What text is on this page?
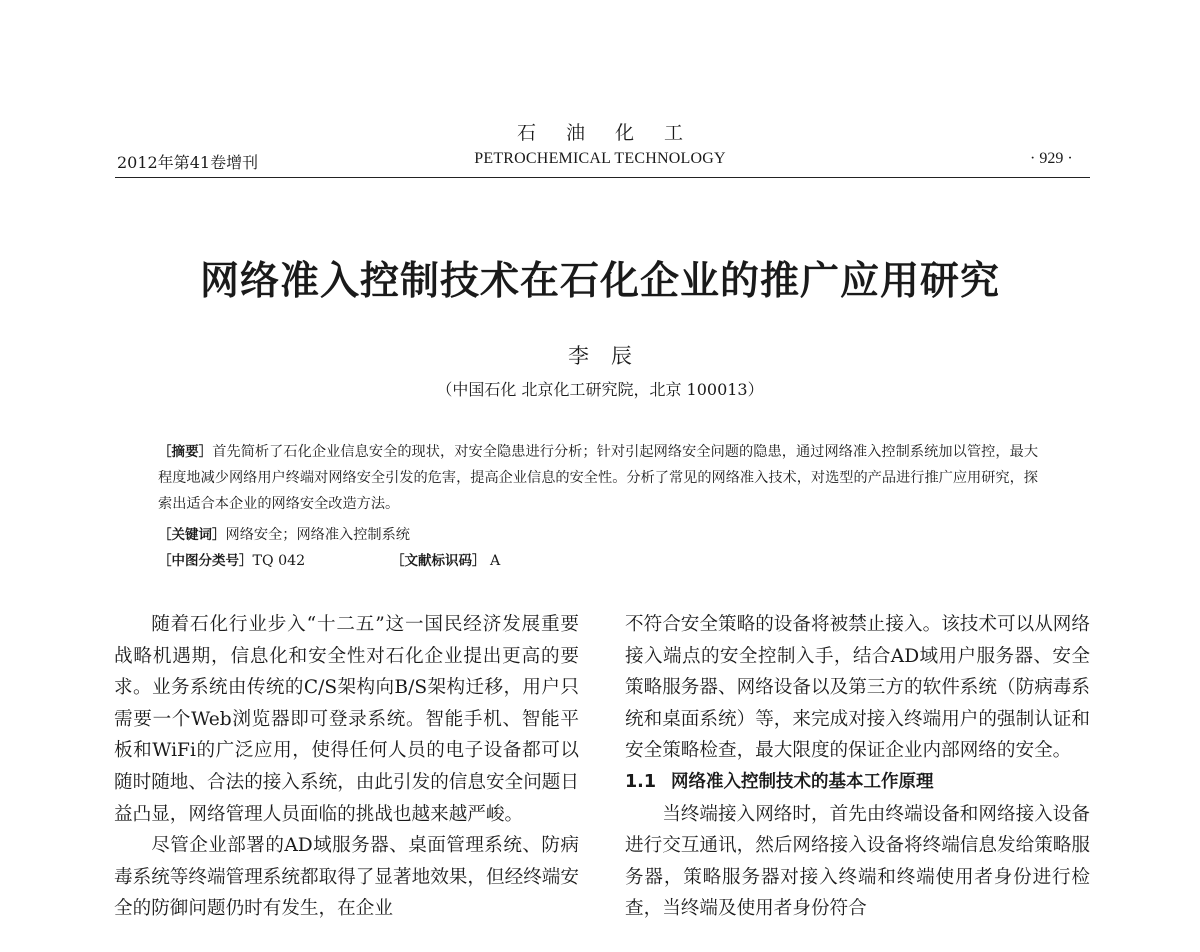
石油化工
2012年第41卷增刊	PETROCHEMICAL TECHNOLOGY	· 929 ·
网络准入控制技术在石化企业的推广应用研究
李辰
（中国石化 北京化工研究院，北京 100013）
［摘要］首先简析了石化企业信息安全的现状，对安全隐患进行分析；针对引起网络安全问题的隐患，通过网络准入控制系统加以管控，最大程度地减少网络用户终端对网络安全引发的危害，提高企业信息的安全性。分析了常见的网络准入技术，对选型的产品进行推广应用研究，探索出适合本企业的网络安全改造方法。
［关键词］网络安全；网络准入控制系统
［中图分类号］TQ 042	［文献标识码］ A

随着石化行业步入“十二五”这一国民经济发展重要战略机遇期，信息化和安全性对石化企业提出更高的要求。业务系统由传统的C/S架构向B/S架构迁移，用户只需要一个Web浏览器即可登录系统。智能手机、智能平板和WiFi的广泛应用，使得任何人员的电子设备都可以随时随地、合法的接入系统，由此引发的信息安全问题日益凸显，网络管理人员面临的挑战也越来越严峻。

尽管企业部署的AD域服务器、桌面管理系统、防病毒系统等终端管理系统都取得了显著地效果，但经终端安全的防御问题仍时有发生，在企业

不符合安全策略的设备将被禁止接入。该技术可以从网络接入端点的安全控制入手，结合AD域用户服务器、安全策略服务器、网络设备以及第三方的软件系统（防病毒系统和桌面系统）等，来完成对接入终端用户的强制认证和安全策略检查，最大限度的保证企业内部网络的安全。

1.1 网络准入控制技术的基本工作原理

当终端接入网络时，首先由终端设备和网络接入设备进行交互通讯，然后网络接入设备将终端信息发给策略服务器，策略服务器对接入终端和终端使用者身份进行检查，当终端及使用者身份符合
